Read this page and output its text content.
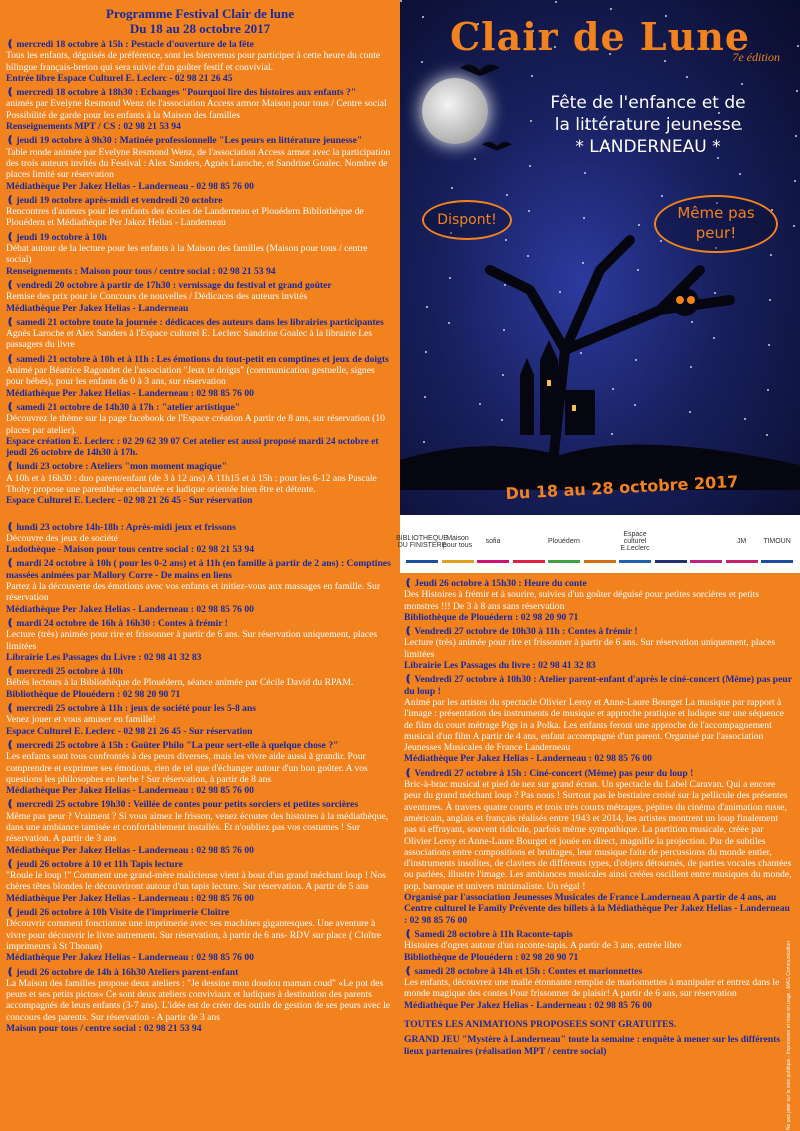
Programme Festival Clair de lune
Du 18 au 28 octobre 2017
❪ mercredi 18 octobre à 15h : Pestacle d'ouverture de la fête
Tous les enfants, déguisés de préférence, sont les bienvenus pour participer à cette heure du conte bilingue français-breton qui sera suivie d'un goûter festif et convivial.
Entrée libre Espace Culturel E. Leclerc - 02 98 21 26 45
❪ mercredi 18 octobre à 18h30 : Echanges "Pourquoi lire des histoires aux enfants ?"
animés par Evelyne Resmond Wenz de l'association Access armor Maison pour tous / Centre social Possibilité de garde pour les enfants à la Maison des familles
Renseignements MPT / CS : 02 98 21 53 94
❪ jeudi 19 octobre à 9h30 : Matinée professionnelle "Les peurs en littérature jeunesse"
Table ronde animée par Evelyne Resmond Wenz, de l'association Access armor avec la participation des trois auteurs invités du Festival : Alex Sanders, Agnès Laroche, et Sandrine Goalec. Nombre de places limité sur réservation
Médiathèque Per Jakez Helias - Landerneau - 02 98 85 76 00
❪ jeudi 19 octobre après-midi et vendredi 20 octobre
Rencontres d'auteurs pour les enfants des écoles de Landerneau et Plouédern Bibliothèque de Plouédern et Médiathèque Per Jakez Helias - Landerneau
❪ jeudi 19 octobre à 10h
Débat autour de la lecture pour les enfants à la Maison des familles (Maison pour tous / centre social)
Renseignements : Maison pour tous / centre social : 02 98 21 53 94
❪ vendredi 20 octobre à partir de 17h30 : vernissage du festival et grand goûter
Remise des prix pour le Concours de nouvelles / Dédicaces des auteurs invités
Médiathèque Per Jakez Helias - Landerneau
❪ samedi 21 octobre toute la journée : dédicaces des auteurs dans les librairies participantes
Agnès Laroche et Alex Sanders à l'Espace culturel E. Leclerc Sandrine Goalec à la librairie Les passagers du livre
❪ samedi 21 octobre à 10h et à 11h : Les émotions du tout-petit en comptines et jeux de doigts
Animé par Béatrice Ragondet de l'association "Jeux te doigts" (communication gestuelle, signes pour bébés), pour les enfants de 0 à 3 ans, sur réservation
Médiathèque Per Jakez Helias - Landerneau : 02 98 85 76 00
❪ samedi 21 octobre de 14h30 à 17h : "atelier artistique"
Découvrez le thème sur la page facebook de l'Espace création A partir de 8 ans, sur réservation (10 places par atelier).
Espace création E. Leclerc : 02 29 62 39 07 Cet atelier est aussi proposé mardi 24 octobre et jeudi 26 octobre de 14h30 à 17h.
❪ lundi 23 octobre : Ateliers "mon moment magique"
A 10h et à 16h30 : duo parent/enfant (de 3 à 12 ans) A 11h15 et à 15h : pour les 6-12 ans Pascale Thoby propose une parenthèse enchantée et ludique orientée bien être et détente.
Espace Culturel E. Leclerc - 02 98 21 26 45 - Sur réservation
❪ lundi 23 octobre 14h-18h : Après-midi jeux et frissons
Découvre des jeux de société
Ludothèque - Maison pour tous centre social : 02 98 21 53 94
❪ mardi 24 octobre à 10h ( pour les 0-2 ans) et à 11h (en famille à partir de 2 ans) : Comptines massées animées par Mallory Corre - De mains en liens
Partez à la découverte des émotions avec vos enfants et initiez-vous aux massages en famille. Sur réservation
Médiathèque Per Jakez Helias - Landerneau : 02 98 85 76 00
❪ mardi 24 octobre de 16h à 16h30 : Contes à frémir !
Lecture (très) animée pour rire et frissonner à partir de 6 ans. Sur réservation uniquement, places limitées
Librairie Les Passages du Livre : 02 98 41 32 83
❪ mercredi 25 octobre à 10h
Bébés lecteurs à la Bibliothèque de Plouédern, séance animée par Cécile David du RPAM.
Bibliothèque de Plouédern : 02 98 20 90 71
❪ mercredi 25 octobre à 11h : jeux de société pour les 5-8 ans
Venez jouer et vous amuser en famille!
Espace Culturel E. Leclerc - 02 98 21 26 45 - Sur réservation
❪ mercredi 25 octobre à 15h : Goûter Philo "La peur sert-elle à quelque chose ?"
Les enfants sont tous confrontés à des peurs diverses, mais les vivre aide aussi à grandir. Pour comprendre et exprimer ses émotions, rien de tel que d'échanger autour d'un bon goûter. A vos questions les philosophes en herbe ! Sur réservation, à partir de 8 ans
Médiathèque Per Jakez Helias - Landerneau : 02 98 85 76 00
❪ mercredi 25 octobre 19h30 : Veillée de contes pour petits sorciers et petites sorcières
Même pas peur ? Vraiment ? Si vous aimez le frisson, venez écouter des histoires à la médiathèque, dans une ambiance tamisée et confortablement installés. Et n'oubliez pas vos costumes ! Sur réservation. A partir de 3 ans
Médiathèque Per Jakez Helias - Landerneau : 02 98 85 76 00
❪ jeudi 26 octobre à 10 et 11h Tapis lecture
"Roule le loup !" Comment une grand-mère malicieuse vient à bout d'un grand méchant loup ! Nos chères têtes blondes le découvriront autour d'un tapis lecture. Sur réservation. A partir de 5 ans
Médiathèque Per Jakez Helias - Landerneau : 02 98 85 76 00
❪ jeudi 26 octobre à 10h Visite de l'imprimerie Cloître
Découvrir comment fonctionne une imprimerie avec ses machines gigantesques. Une aventure à vivre pour découvrir le livre autrement. Sur réservation, à partir de 6 ans- RDV sur place ( Cloître imprimeurs à St Thonan)
Médiathèque Per Jakez Helias - Landerneau : 02 98 85 76 00
❪ jeudi 26 octobre de 14h à 16h30 Ateliers parent-enfant
La Maison des familles propose deux ateliers : "Je dessine mon doudou maman coud" «Le pot des peurs et ses petits pictos» Ce sont deux ateliers conviviaux et ludiques à destination des parents accompagnés de leurs enfants (3-7 ans). L'idée est de créer des outils de gestion de ses peurs avec le concours des parents. Sur réservation - A partir de 3 ans
Maison pour tous / centre social : 02 98 21 53 94
Clair de Lune
7e édition
Fête de l'enfance et de
la littérature jeunesse
* LANDERNEAU *
Dispont!	Même pas peur!
Du 18 au 28 octobre 2017
BIBLIOTHEQUE DU FINISTERE
Maison pour tous	sofia	Plouédern
Espace culturel E.Leclerc
JM	TIMOUN
❪ Jeudi 26 octobre à 15h30 : Heure du conte
Des Histoires à frémir et à sourire, suivies d'un goûter déguisé pour petites sorcières et petits monstres !!! De 3 à 8 ans sans réservation
Bibliothèque de Plouédern : 02 98 20 90 71
❪ Vendredi 27 octobre de 10h30 à 11h : Contes à frémir !
Lecture (très) animée pour rire et frissonner à partir de 6 ans. Sur réservation uniquement, places limitées
Librairie Les Passages du livre : 02 98 41 32 83
❪ Vendredi 27 octobre à 10h30 : Atelier parent-enfant d'après le ciné-concert (Même) pas peur du loup !
Animé par les artistes du spectacle Olivier Leroy et Anne-Laure Bourget La musique par rapport à l'image : présentation des instruments de musique et approche pratique et ludique sur une séquence de film du court métrage Pigs in a Polka. Les enfants feront une approche de l'accompagnement musical d'un film A partir de 4 ans, enfant accompagné d'un parent. Organisé par l'association Jeunesses Musicales de France Landerneau
Médiathèque Per Jakez Helias - Landerneau : 02 98 85 76 00
❪ Vendredi 27 octobre à 15h : Ciné-concert (Même) pas peur du loup !
Bric-à-brac musical et pied de nez sur grand écran. Un spectacle du Label Caravan. Qui a encore peur du grand méchant loup ? Pas nous ! Surtout pas le bestiaire croisé sur la pellicule des présentes aventures. À travers quatre courts et trois très courts métrages, pépites du cinéma d'animation russe, américain, anglais et français réalisés entre 1943 et 2014, les artistes montrent un loup finalement pas si effrayant, souvent ridicule, parfois même sympathique. La partition musicale, créée par Olivier Leroy et Anne-Laure Bourget et jouée en direct, magnifie la projection. Par de subtiles associations entre compositions et bruitages, leur musique faite de percussions du monde entier, d'instruments insolites, de claviers de différents types, d'objets détournés, de parties vocales chantées ou parlées, illustre l'image. Les ambiances musicales ainsi créées oscillent entre musiques du monde, pop, baroque et univers minimaliste. Un régal !
Organisé par l'association Jeunesses Musicales de France Landerneau A partir de 4 ans, au Centre culturel le Family Prévente des billets à la Médiathèque Per Jakez Helias - Landerneau : 02 98 85 76 00
❪ Samedi 28 octobre à 11h Raconte-tapis
Histoires d'ogres autour d'un raconte-tapis. A partir de 3 ans, entrée libre
Bibliothèque de Plouédern : 02 98 20 90 71
❪ samedi 28 octobre à 14h et 15h : Contes et marionnettes
Les enfants, découvrez une malle étonnante remplie de marionnettes à manipuler et entrez dans le monde magique des contes Pour frissonner de plaisir! A partir de 6 ans, sur réservation
Médiathèque Per Jakez Helias - Landerneau : 02 98 85 76 00
TOUTES LES ANIMATIONS PROPOSEES SONT GRATUITES.
GRAND JEU "Mystère à Landerneau" toute la semaine : enquête à mener sur les différents lieux partenaires (réalisation MPT / centre social)	Ne pas jeter sur la voie publique - Impression et mise en page : MAG Communication
